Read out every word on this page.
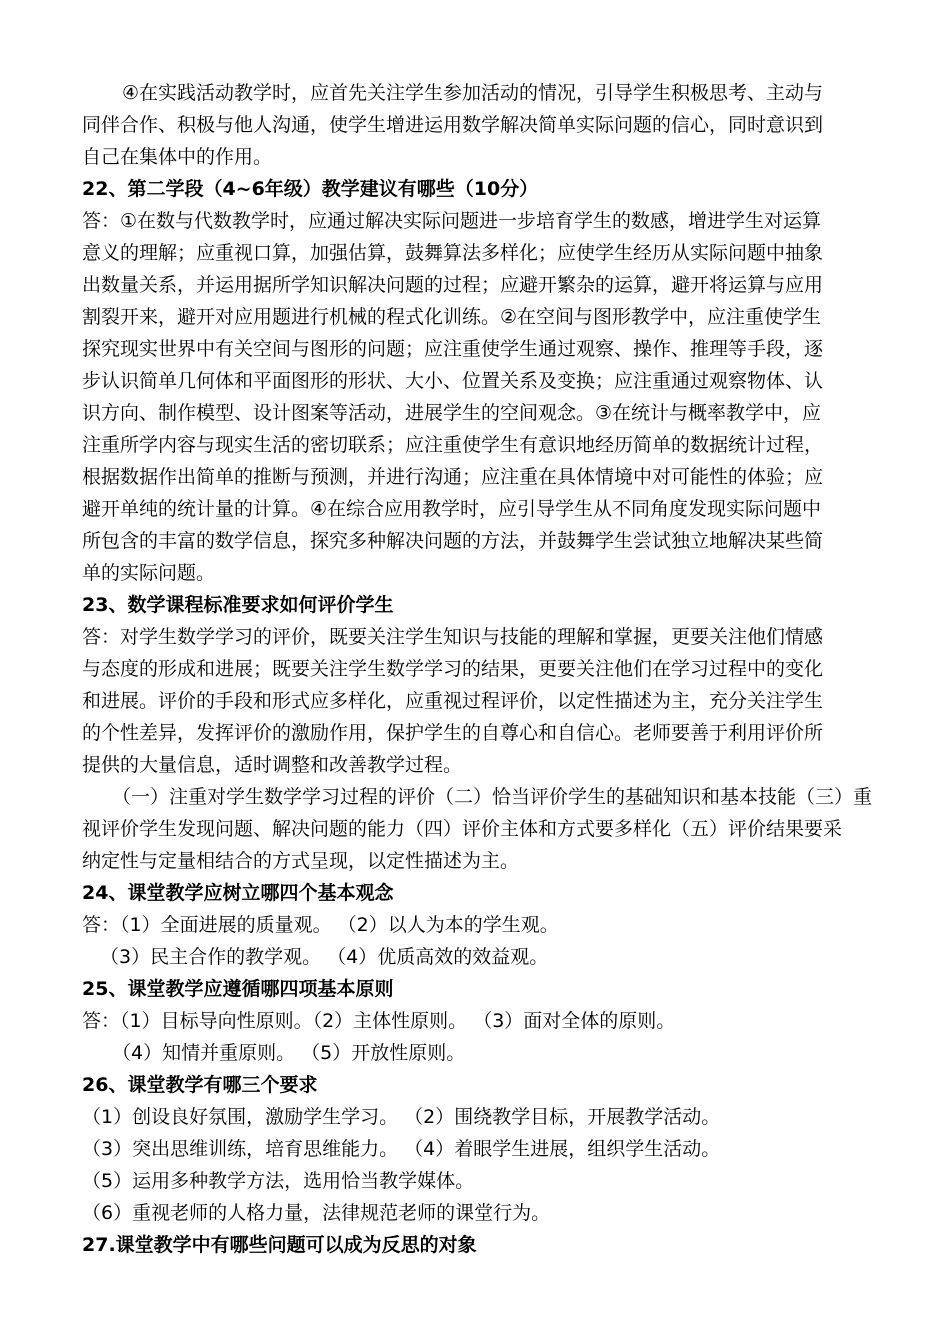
④在实践活动教学时，应首先关注学生参加活动的情况，引导学生积极思考、主动与
同伴合作、积极与他人沟通，使学生增进运用数学解决简单实际问题的信心，同时意识到
自己在集体中的作用。
22、第二学段（4~6年级）教学建议有哪些（10分）
答：①在数与代数教学时，应通过解决实际问题进一步培育学生的数感，增进学生对运算
意义的理解；应重视口算，加强估算，鼓舞算法多样化；应使学生经历从实际问题中抽象
出数量关系，并运用据所学知识解决问题的过程；应避开繁杂的运算，避开将运算与应用
割裂开来，避开对应用题进行机械的程式化训练。②在空间与图形教学中，应注重使学生
探究现实世界中有关空间与图形的问题；应注重使学生通过观察、操作、推理等手段，逐
步认识简单几何体和平面图形的形状、大小、位置关系及变换；应注重通过观察物体、认
识方向、制作模型、设计图案等活动，进展学生的空间观念。③在统计与概率教学中，应
注重所学内容与现实生活的密切联系；应注重使学生有意识地经历简单的数据统计过程，
根据数据作出简单的推断与预测，并进行沟通；应注重在具体情境中对可能性的体验；应
避开单纯的统计量的计算。④在综合应用教学时，应引导学生从不同角度发现实际问题中
所包含的丰富的数学信息，探究多种解决问题的方法，并鼓舞学生尝试独立地解决某些简
单的实际问题。
23、数学课程标准要求如何评价学生
答：对学生数学学习的评价，既要关注学生知识与技能的理解和掌握，更要关注他们情感
与态度的形成和进展；既要关注学生数学学习的结果，更要关注他们在学习过程中的变化
和进展。评价的手段和形式应多样化，应重视过程评价，以定性描述为主，充分关注学生
的个性差异，发挥评价的激励作用，保护学生的自尊心和自信心。老师要善于利用评价所
提供的大量信息，适时调整和改善教学过程。
（一）注重对学生数学学习过程的评价（二）恰当评价学生的基础知识和基本技能（三）重
视评价学生发现问题、解决问题的能力（四）评价主体和方式要多样化（五）评价结果要采
纳定性与定量相结合的方式呈现，以定性描述为主。
24、课堂教学应树立哪四个基本观念
答：（1）全面进展的质量观。 （2）以人为本的学生观。
（3）民主合作的教学观。 （4）优质高效的效益观。
25、课堂教学应遵循哪四项基本原则
答：（1）目标导向性原则。（2）主体性原则。 （3）面对全体的原则。
（4）知情并重原则。 （5）开放性原则。
26、课堂教学有哪三个要求
（1）创设良好氛围，激励学生学习。 （2）围绕教学目标，开展教学活动。
（3）突出思维训练，培育思维能力。 （4）着眼学生进展，组织学生活动。
（5）运用多种教学方法，选用恰当教学媒体。
（6）重视老师的人格力量，法律规范老师的课堂行为。
27.课堂教学中有哪些问题可以成为反思的对象
